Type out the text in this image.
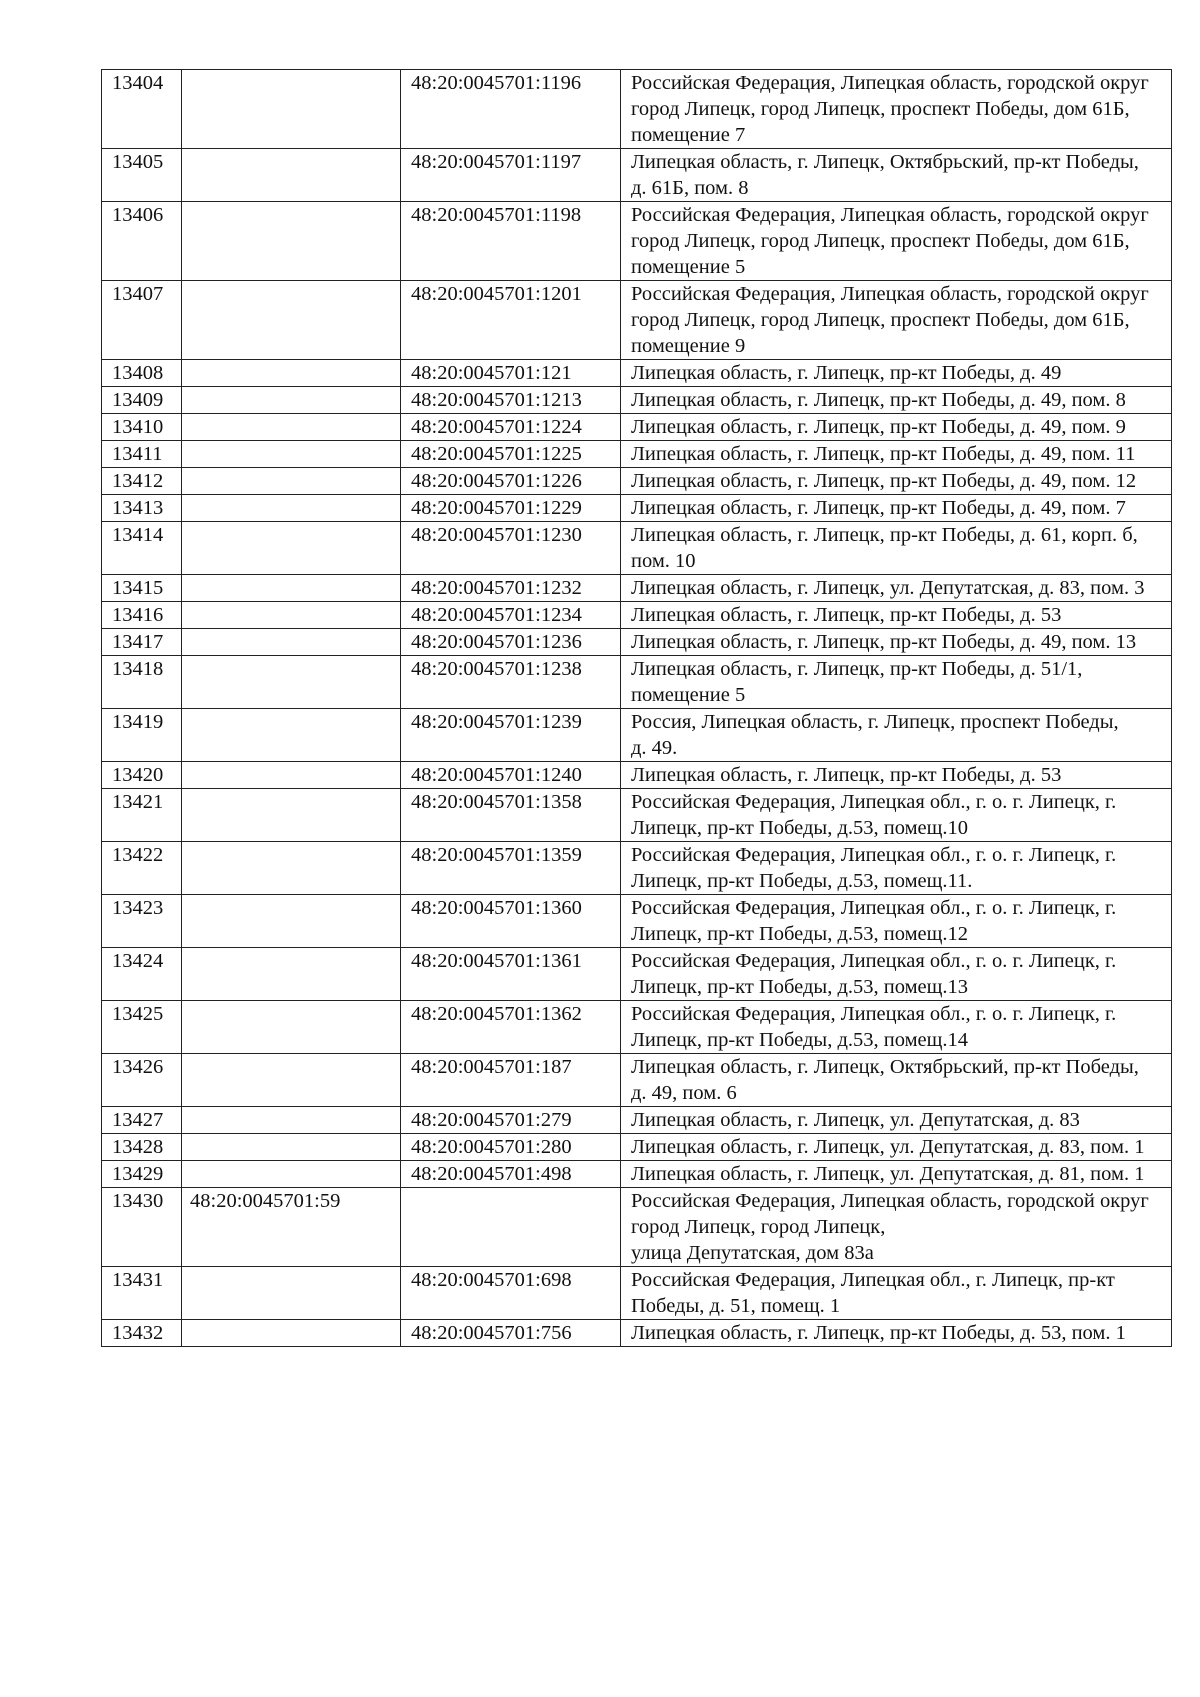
13404		48:20:0045701:1196	Российская Федерация, Липецкая область, городской округ город Липецк, город Липецк, проспект Победы, дом 61Б, помещение 7

13405		48:20:0045701:1197	Липецкая область, г. Липецк, Октябрьский, пр-кт Победы, д. 61Б, пом. 8

13406		48:20:0045701:1198	Российская Федерация, Липецкая область, городской округ город Липецк, город Липецк, проспект Победы, дом 61Б, помещение 5

13407		48:20:0045701:1201	Российская Федерация, Липецкая область, городской округ город Липецк, город Липецк, проспект Победы, дом 61Б, помещение 9

13408		48:20:0045701:121	Липецкая область, г. Липецк, пр-кт Победы, д. 49

13409		48:20:0045701:1213	Липецкая область, г. Липецк, пр-кт Победы, д. 49, пом. 8

13410		48:20:0045701:1224	Липецкая область, г. Липецк, пр-кт Победы, д. 49, пом. 9

13411		48:20:0045701:1225	Липецкая область, г. Липецк, пр-кт Победы, д. 49, пом. 11

13412		48:20:0045701:1226	Липецкая область, г. Липецк, пр-кт Победы, д. 49, пом. 12

13413		48:20:0045701:1229	Липецкая область, г. Липецк, пр-кт Победы, д. 49, пом. 7

13414		48:20:0045701:1230	Липецкая область, г. Липецк, пр-кт Победы, д. 61, корп. б, пом. 10

13415		48:20:0045701:1232	Липецкая область, г. Липецк, ул. Депутатская, д. 83, пом. 3

13416		48:20:0045701:1234	Липецкая область, г. Липецк, пр-кт Победы, д. 53

13417		48:20:0045701:1236	Липецкая область, г. Липецк, пр-кт Победы, д. 49, пом. 13

13418		48:20:0045701:1238	Липецкая область, г. Липецк, пр-кт Победы, д. 51/1, помещение 5

13419		48:20:0045701:1239	Россия, Липецкая область, г. Липецк, проспект Победы,
д. 49.

13420		48:20:0045701:1240	Липецкая область, г. Липецк, пр-кт Победы, д. 53

13421		48:20:0045701:1358	Российская Федерация, Липецкая обл., г. о. г. Липецк, г. Липецк, пр-кт Победы, д.53, помещ.10

13422		48:20:0045701:1359	Российская Федерация, Липецкая обл., г. о. г. Липецк, г. Липецк, пр-кт Победы, д.53, помещ.11.

13423		48:20:0045701:1360	Российская Федерация, Липецкая обл., г. о. г. Липецк, г. Липецк, пр-кт Победы, д.53, помещ.12

13424		48:20:0045701:1361	Российская Федерация, Липецкая обл., г. о. г. Липецк, г. Липецк, пр-кт Победы, д.53, помещ.13

13425		48:20:0045701:1362	Российская Федерация, Липецкая обл., г. о. г. Липецк, г. Липецк, пр-кт Победы, д.53, помещ.14

13426		48:20:0045701:187	Липецкая область, г. Липецк, Октябрьский, пр-кт Победы, д. 49, пом. 6

13427		48:20:0045701:279	Липецкая область, г. Липецк, ул. Депутатская, д. 83

13428		48:20:0045701:280	Липецкая область, г. Липецк, ул. Депутатская, д. 83, пом. 1

13429		48:20:0045701:498	Липецкая область, г. Липецк, ул. Депутатская, д. 81, пом. 1

13430	48:20:0045701:59		Российская Федерация, Липецкая область, городской округ город Липецк, город Липецк,
улица Депутатская, дом 83а

13431		48:20:0045701:698	Российская Федерация, Липецкая обл., г. Липецк, пр-кт Победы, д. 51, помещ. 1

13432		48:20:0045701:756	Липецкая область, г. Липецк, пр-кт Победы, д. 53, пом. 1
